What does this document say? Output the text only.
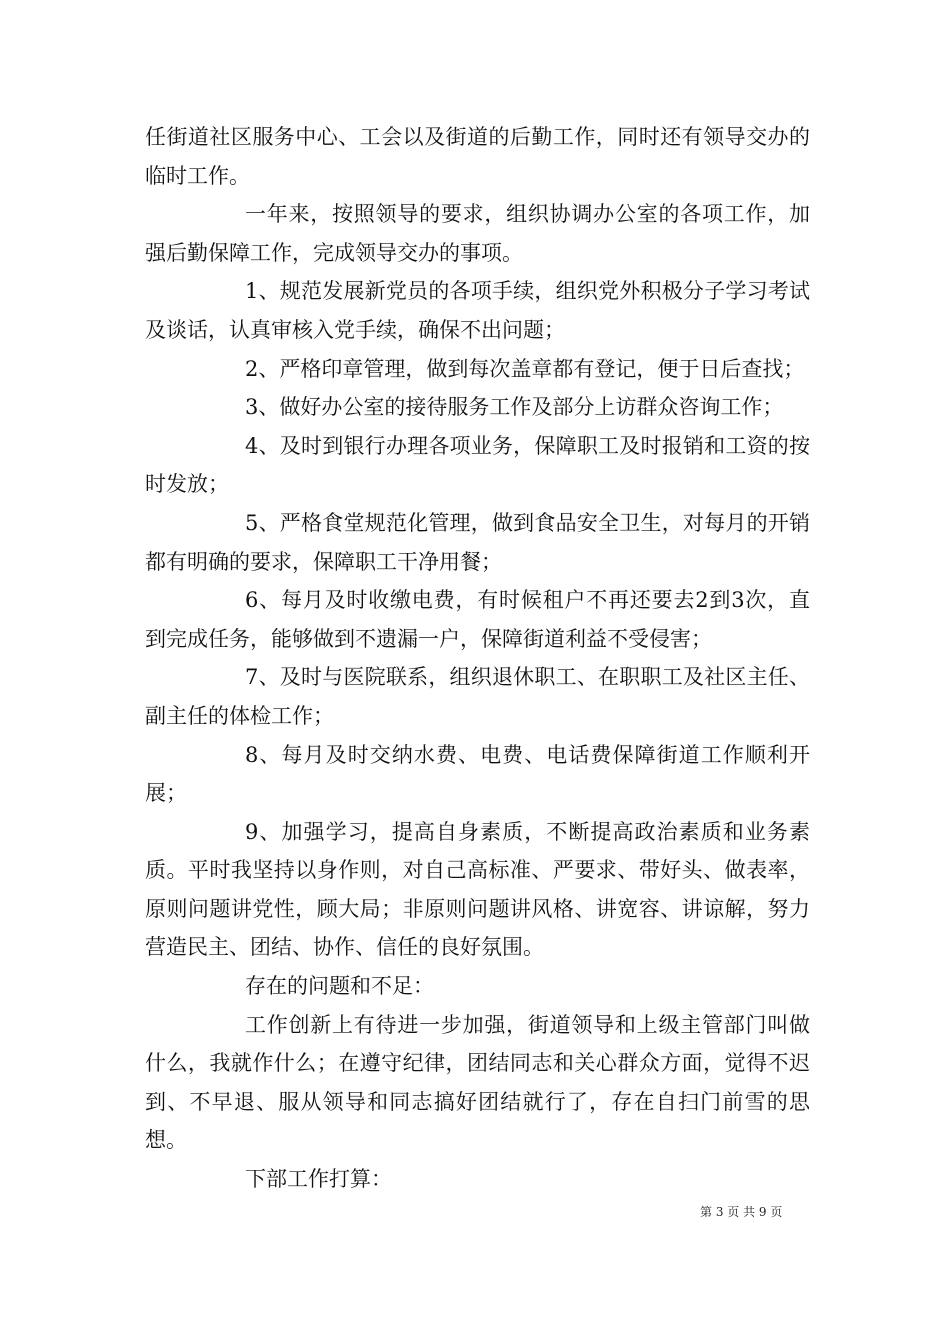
任街道社区服务中心、工会以及街道的后勤工作，同时还有领导交办的临时工作。

一年来，按照领导的要求，组织协调办公室的各项工作，加强后勤保障工作，完成领导交办的事项。

1、规范发展新党员的各项手续，组织党外积极分子学习考试及谈话，认真审核入党手续，确保不出问题；

2、严格印章管理，做到每次盖章都有登记，便于日后查找；

3、做好办公室的接待服务工作及部分上访群众咨询工作；

4、及时到银行办理各项业务，保障职工及时报销和工资的按时发放；

5、严格食堂规范化管理，做到食品安全卫生，对每月的开销都有明确的要求，保障职工干净用餐；

6、每月及时收缴电费，有时候租户不再还要去2到3次，直到完成任务，能够做到不遗漏一户，保障街道利益不受侵害；

7、及时与医院联系，组织退休职工、在职职工及社区主任、副主任的体检工作；

8、每月及时交纳水费、电费、电话费保障街道工作顺利开展；

9、加强学习，提高自身素质，不断提高政治素质和业务素质。平时我坚持以身作则，对自己高标准、严要求、带好头、做表率，原则问题讲党性，顾大局；非原则问题讲风格、讲宽容、讲谅解，努力营造民主、团结、协作、信任的良好氛围。

存在的问题和不足：

工作创新上有待进一步加强，街道领导和上级主管部门叫做什么，我就作什么；在遵守纪律，团结同志和关心群众方面，觉得不迟到、不早退、服从领导和同志搞好团结就行了，存在自扫门前雪的思想。

下部工作打算：

第 3 页 共 9 页
